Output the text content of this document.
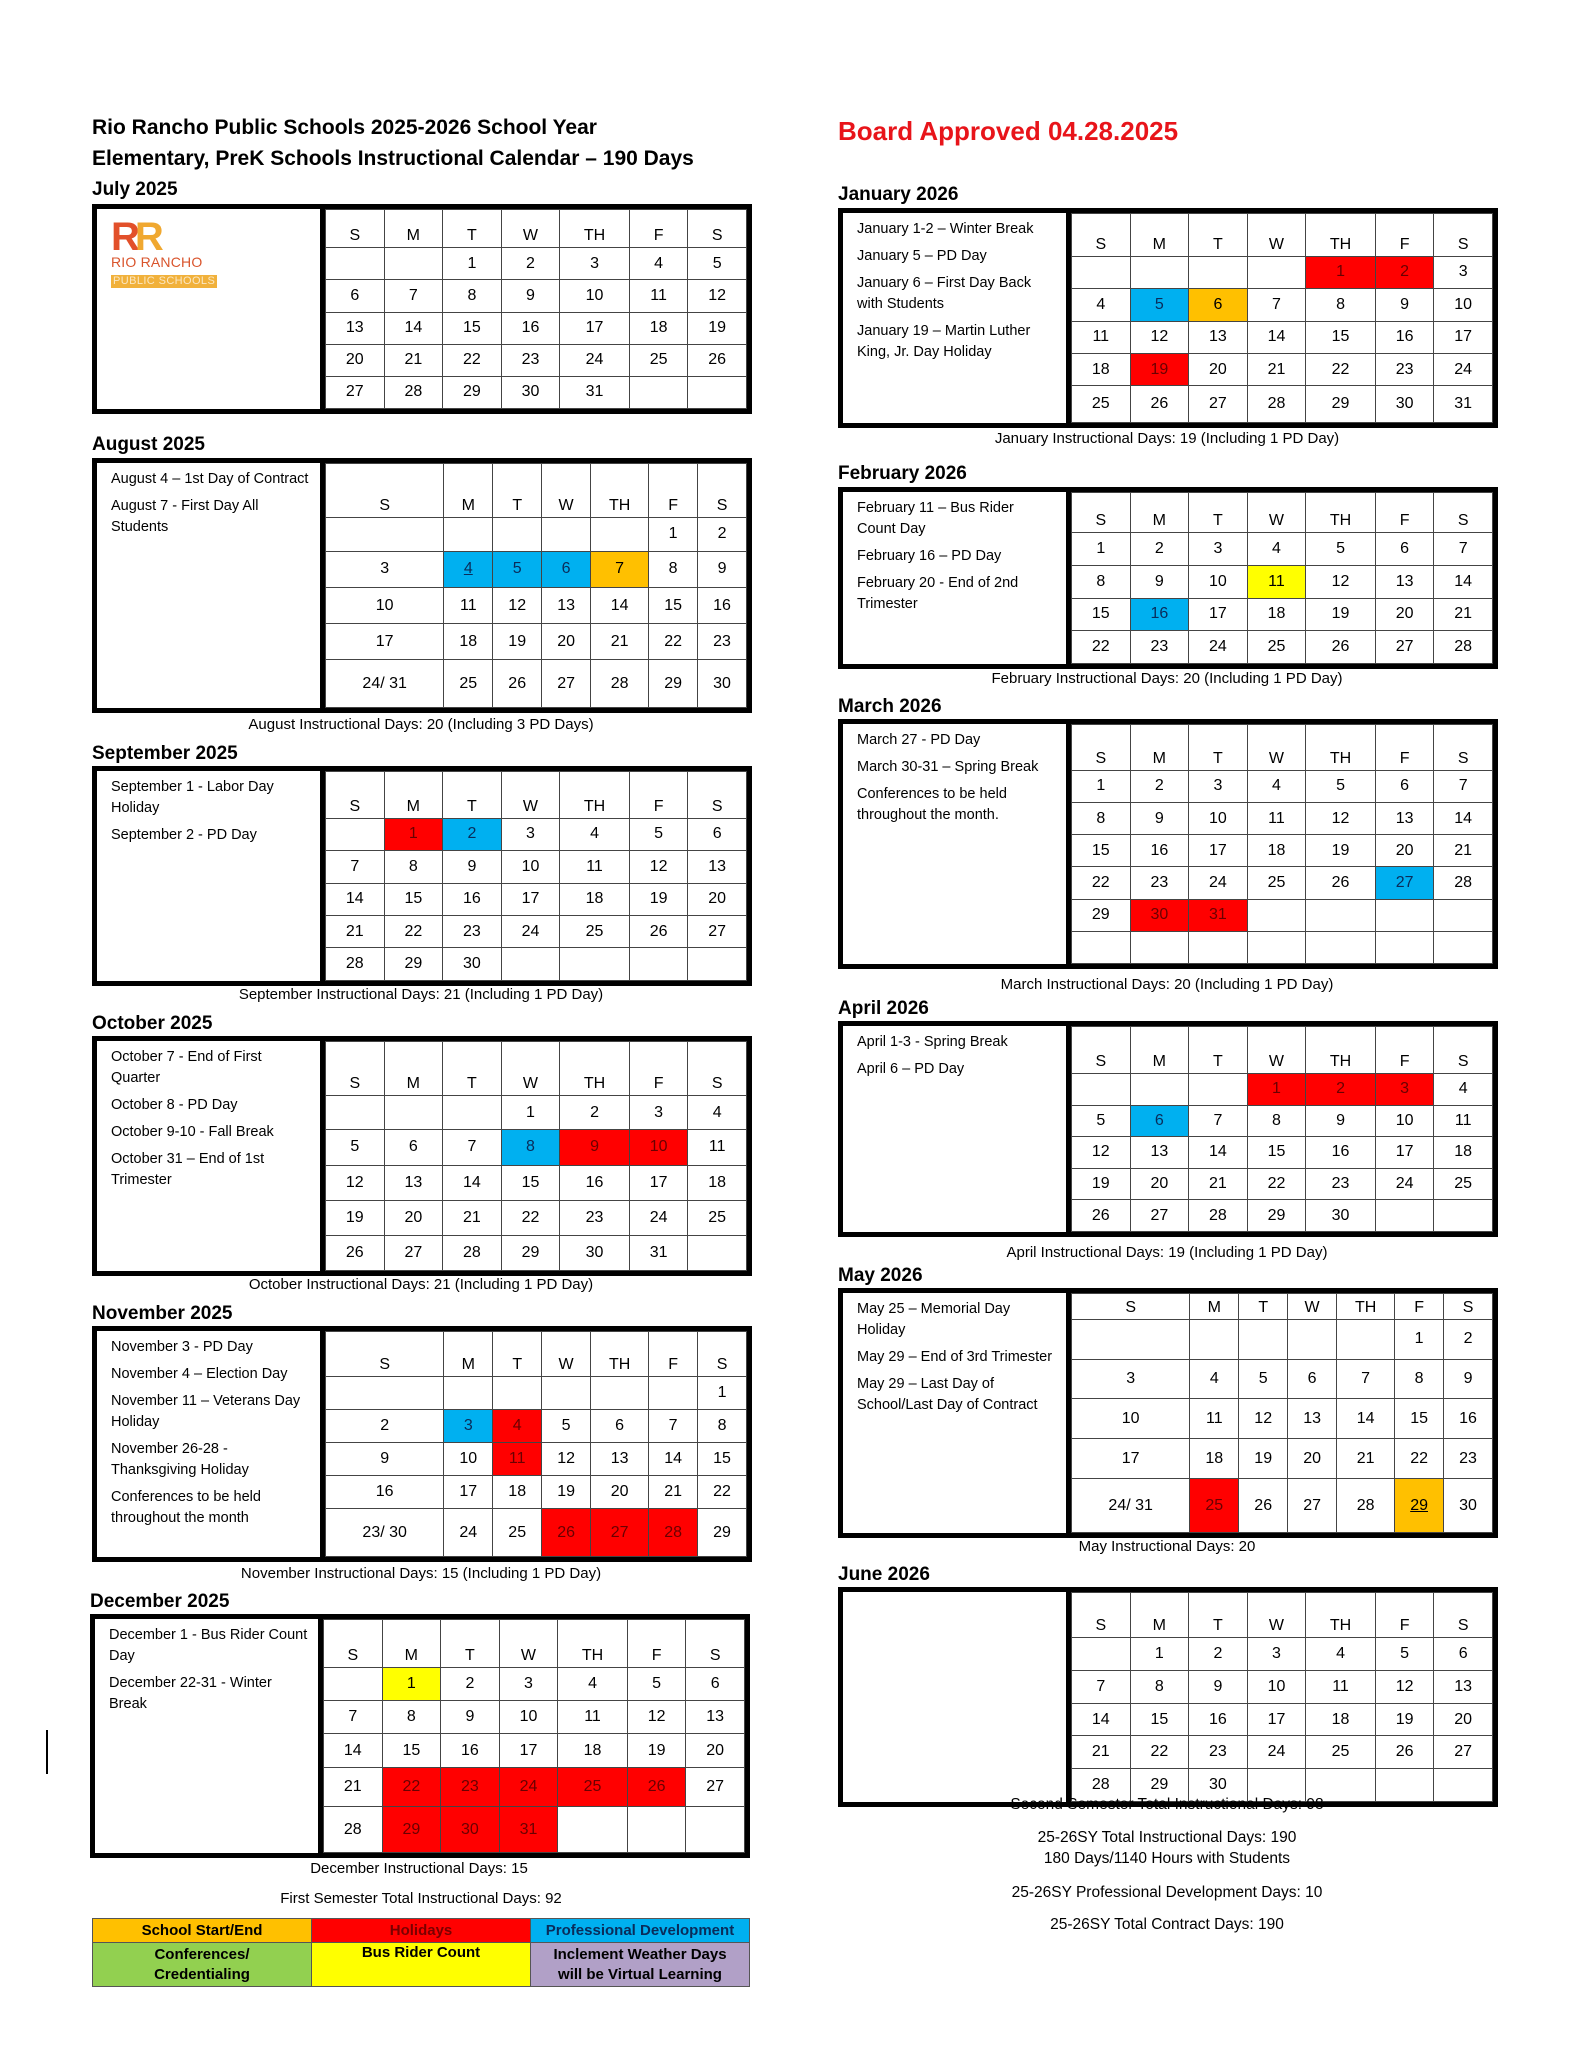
Rio Rancho Public Schools 2025-2026 School Year
Elementary, PreK Schools Instructional Calendar – 190 Days
Board Approved 04.28.2025
July 2025
RR
RIO RANCHO
PUBLIC SCHOOLS
S	M	T	W	TH	F	S
		1	2	3	4	5
6	7	8	9	10	11	12
13	14	15	16	17	18	19
20	21	22	23	24	25	26
27	28	29	30	31		
August 2025

August 4 – 1st Day of Contract

August 7 - First Day All Students

S	M	T	W	TH	F	S
					1	2
3	4	5	6	7	8	9
10	11	12	13	14	15	16
17	18	19	20	21	22	23
24/ 31	25	26	27	28	29	30
August Instructional Days: 20 (Including 3 PD Days)
September 2025

September 1 - Labor Day Holiday

September 2 - PD Day

S	M	T	W	TH	F	S
	1	2	3	4	5	6
7	8	9	10	11	12	13
14	15	16	17	18	19	20
21	22	23	24	25	26	27
28	29	30				
September Instructional Days: 21 (Including 1 PD Day)
October 2025

October 7 - End of First Quarter

October 8 - PD Day

October 9-10 - Fall Break

October 31 – End of 1st Trimester

S	M	T	W	TH	F	S
			1	2	3	4
5	6	7	8	9	10	11
12	13	14	15	16	17	18
19	20	21	22	23	24	25
26	27	28	29	30	31	
October Instructional Days: 21 (Including 1 PD Day)
November 2025

November 3 - PD Day

November 4 – Election Day

November 11 – Veterans Day Holiday

November 26-28 - Thanksgiving Holiday

Conferences to be held throughout the month

S	M	T	W	TH	F	S
						1
2	3	4	5	6	7	8
9	10	11	12	13	14	15
16	17	18	19	20	21	22
23/ 30	24	25	26	27	28	29
November Instructional Days: 15 (Including 1 PD Day)
December 2025

December 1 - Bus Rider Count Day

December 22-31 - Winter Break

S	M	T	W	TH	F	S
	1	2	3	4	5	6
7	8	9	10	11	12	13
14	15	16	17	18	19	20
21	22	23	24	25	26	27
28	29	30	31			
December Instructional Days: 15
January 2026

January 1-2 – Winter Break

January 5 – PD Day

January 6 – First Day Back with Students

January 19 – Martin Luther King, Jr. Day Holiday

S	M	T	W	TH	F	S
				1	2	3
4	5	6	7	8	9	10
11	12	13	14	15	16	17
18	19	20	21	22	23	24
25	26	27	28	29	30	31
January Instructional Days: 19 (Including 1 PD Day)
February 2026

February 11 – Bus Rider Count Day

February 16 – PD Day

February 20 - End of 2nd Trimester

S	M	T	W	TH	F	S
1	2	3	4	5	6	7
8	9	10	11	12	13	14
15	16	17	18	19	20	21
22	23	24	25	26	27	28
February Instructional Days: 20 (Including 1 PD Day)
March 2026

March 27 - PD Day

March 30-31 – Spring Break

Conferences to be held throughout the month.

S	M	T	W	TH	F	S
1	2	3	4	5	6	7
8	9	10	11	12	13	14
15	16	17	18	19	20	21
22	23	24	25	26	27	28
29	30	31				

March Instructional Days: 20 (Including 1 PD Day)
April 2026

April 1-3 - Spring Break

April 6 – PD Day	S	M	T	W	TH	F	S
			1	2	3	4
5	6	7	8	9	10	11
12	13	14	15	16	17	18
19	20	21	22	23	24	25
26	27	28	29	30		
April Instructional Days: 19 (Including 1 PD Day)
May 2026

May 25 – Memorial Day Holiday

May 29 – End of 3rd Trimester

May 29 – Last Day of School/Last Day of Contract

S	M	T	W	TH	F	S
					1	2
3	4	5	6	7	8	9
10	11	12	13	14	15	16
17	18	19	20	21	22	23
24/ 31	25	26	27	28	29	30
May Instructional Days: 20
June 2026
S	M	T	W	TH	F	S
	1	2	3	4	5	6
7	8	9	10	11	12	13
14	15	16	17	18	19	20
21	22	23	24	25	26	27
28	29	30				
First Semester Total Instructional Days: 92
School Start/End	Holidays	Professional Development
Conferences/ Credentialing	Bus Rider Count	Inclement Weather Days will be Virtual Learning
Second Semester Total Instructional Days: 98
25-26SY Total Instructional Days: 190
180 Days/1140 Hours with Students
25-26SY Professional Development Days: 10
25-26SY Total Contract Days: 190
